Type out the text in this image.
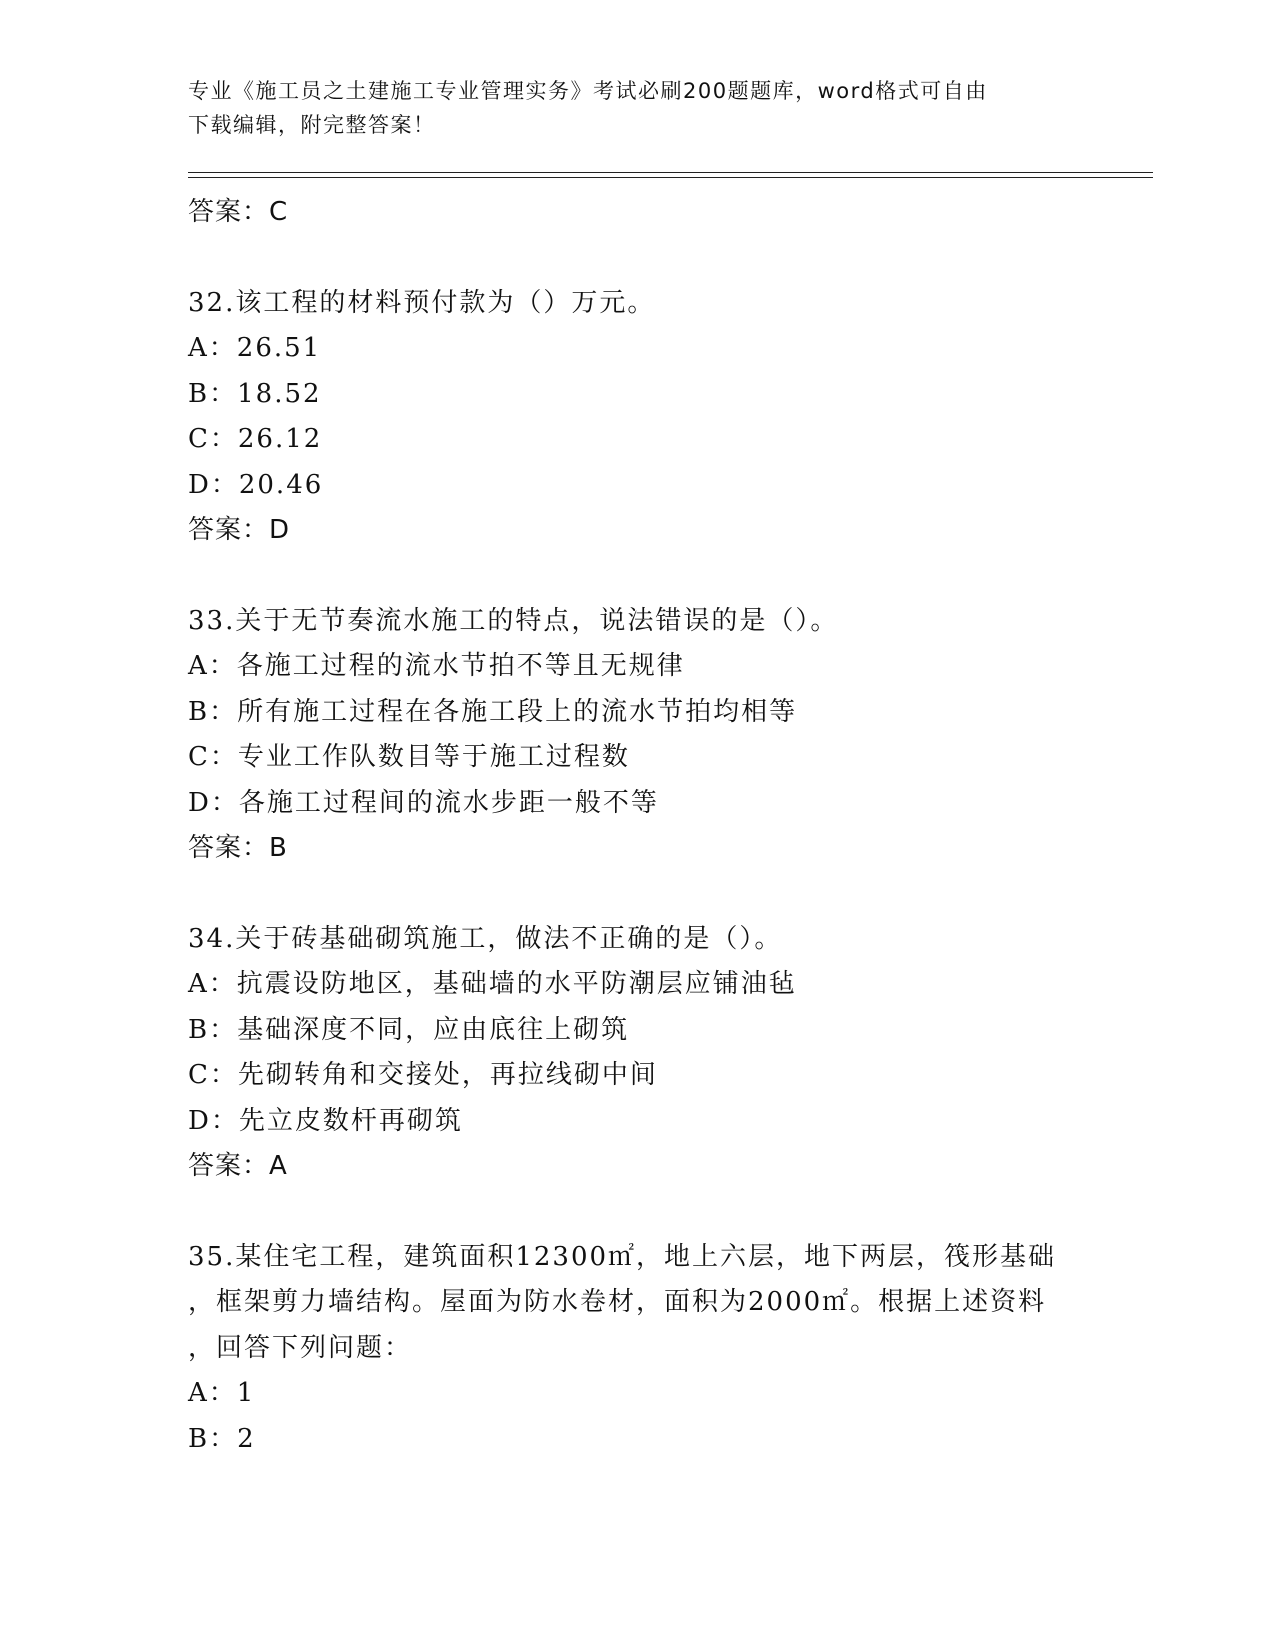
专业《施工员之土建施工专业管理实务》考试必刷200题题库，word格式可自由
下载编辑，附完整答案！
答案：C
32.该工程的材料预付款为（）万元。
A：26.51
B：18.52
C：26.12
D：20.46
答案：D
33.关于无节奏流水施工的特点，说法错误的是（）。
A：各施工过程的流水节拍不等且无规律
B：所有施工过程在各施工段上的流水节拍均相等
C：专业工作队数目等于施工过程数
D：各施工过程间的流水步距一般不等
答案：B
34.关于砖基础砌筑施工，做法不正确的是（）。
A：抗震设防地区，基础墙的水平防潮层应铺油毡
B：基础深度不同，应由底往上砌筑
C：先砌转角和交接处，再拉线砌中间
D：先立皮数杆再砌筑
答案：A
35.某住宅工程，建筑面积12300㎡，地上六层，地下两层，筏形基础
，框架剪力墙结构。屋面为防水卷材，面积为2000㎡。根据上述资料
，回答下列问题：
A：1
B：2
